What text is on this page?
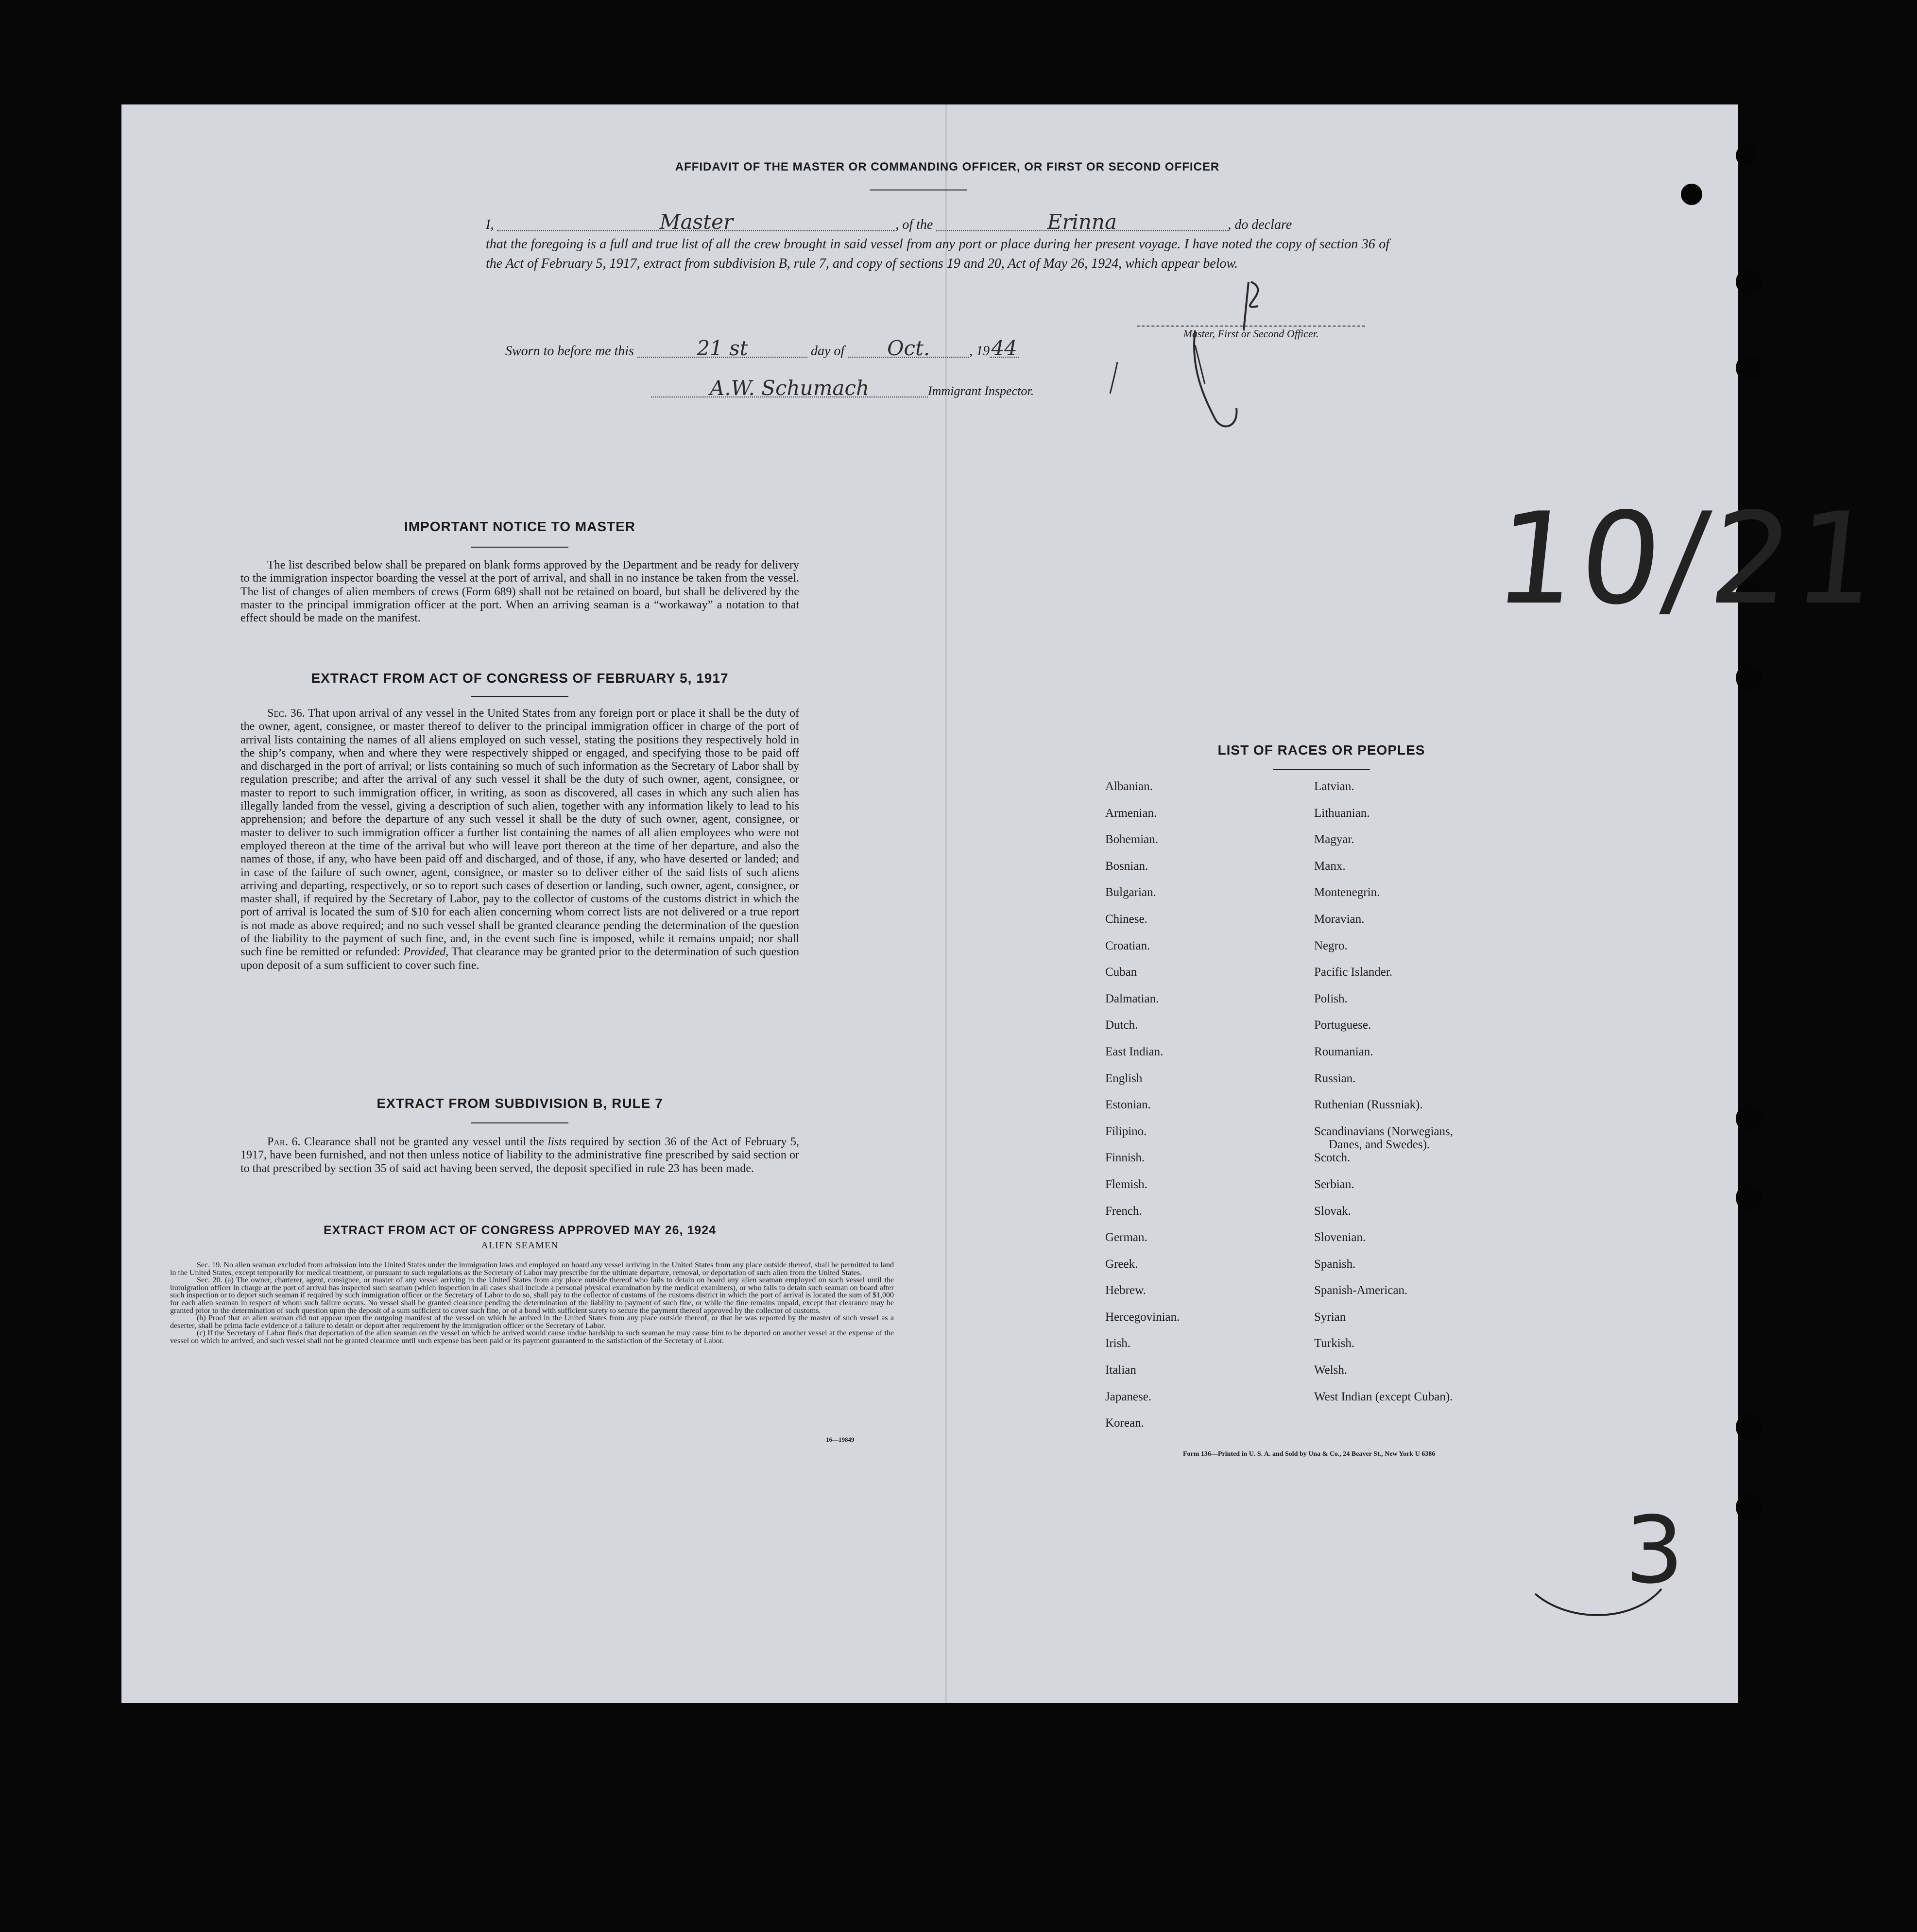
AFFIDAVIT OF THE MASTER OR COMMANDING OFFICER, OR FIRST OR SECOND OFFICER
I,	Master	, of the	Erinna	, do declare
that the foregoing is a full and true list of all the crew brought in said vessel from any port or place during her present voyage. I have noted the copy of section 36 of the Act of February 5, 1917, extract from subdivision B, rule 7, and copy of sections 19 and 20, Act of May 26, 1924, which appear below.
Master, First or Second Officer.
Sworn to before me this	21 st	day of Oct.	, 1944
A.W. Schumach	Immigrant Inspector.
IMPORTANT NOTICE TO MASTER
The list described below shall be prepared on blank forms approved by the Department and be ready for delivery to the immigration inspector boarding the vessel at the port of arrival, and shall in no instance be taken from the vessel. The list of changes of alien members of crews (Form 689) shall not be retained on board, but shall be delivered by the master to the principal immigration officer at the port. When an arriving seaman is a “workaway” a notation to that effect should be made on the manifest.
EXTRACT FROM ACT OF CONGRESS OF FEBRUARY 5, 1917
Sec. 36. That upon arrival of any vessel in the United States from any foreign port or place it shall be the duty of the owner, agent, consignee, or master thereof to deliver to the principal immigration officer in charge of the port of arrival lists containing the names of all aliens employed on such vessel, stating the positions they respectively hold in the ship’s company, when and where they were respectively shipped or engaged, and specifying those to be paid off and discharged in the port of arrival; or lists containing so much of such information as the Secretary of Labor shall by regulation prescribe; and after the arrival of any such vessel it shall be the duty of such owner, agent, consignee, or master to report to such immigration officer, in writing, as soon as discovered, all cases in which any such alien has illegally landed from the vessel, giving a description of such alien, together with any information likely to lead to his apprehension; and before the departure of any such vessel it shall be the duty of such owner, agent, consignee, or master to deliver to such immigration officer a further list containing the names of all alien employees who were not employed thereon at the time of the arrival but who will leave port thereon at the time of her departure, and also the names of those, if any, who have been paid off and discharged, and of those, if any, who have deserted or landed; and in case of the failure of such owner, agent, consignee, or master so to deliver either of the said lists of such aliens arriving and departing, respectively, or so to report such cases of desertion or landing, such owner, agent, consignee, or master shall, if required by the Secretary of Labor, pay to the collector of customs of the customs district in which the port of arrival is located the sum of $10 for each alien concerning whom correct lists are not delivered or a true report is not made as above required; and no such vessel shall be granted clearance pending the determination of the question of the liability to the payment of such fine, and, in the event such fine is imposed, while it remains unpaid; nor shall such fine be remitted or refunded: Provided, That clearance may be granted prior to the determination of such question upon deposit of a sum sufficient to cover such fine.
EXTRACT FROM SUBDIVISION B, RULE 7
Par. 6. Clearance shall not be granted any vessel until the lists required by section 36 of the Act of February 5, 1917, have been furnished, and not then unless notice of liability to the administrative fine prescribed by said section or to that prescribed by section 35 of said act having been served, the deposit specified in rule 23 has been made.
EXTRACT FROM ACT OF CONGRESS APPROVED MAY 26, 1924
ALIEN SEAMEN
Sec. 19. No alien seaman excluded from admission into the United States under the immigration laws and employed on board any vessel arriving in the United States from any place outside thereof, shall be permitted to land in the United States, except temporarily for medical treatment, or pursuant to such regulations as the Secretary of Labor may prescribe for the ultimate departure, removal, or deportation of such alien from the United States.
Sec. 20. (a) The owner, charterer, agent, consignee, or master of any vessel arriving in the United States from any place outside thereof who fails to detain on board any alien seaman employed on such vessel until the immigration officer in charge at the port of arrival has inspected such seaman (which inspection in all cases shall include a personal physical examination by the medical examiners), or who fails to detain such seaman on board after such inspection or to deport such seaman if required by such immigration officer or the Secretary of Labor to do so, shall pay to the collector of customs of the customs district in which the port of arrival is located the sum of $1,000 for each alien seaman in respect of whom such failure occurs. No vessel shall be granted clearance pending the determination of the liability to payment of such fine, or while the fine remains unpaid, except that clearance may be granted prior to the determination of such question upon the deposit of a sum sufficient to cover such fine, or of a bond with sufficient surety to secure the payment thereof approved by the collector of customs.
(b) Proof that an alien seaman did not appear upon the outgoing manifest of the vessel on which he arrived in the United States from any place outside thereof, or that he was reported by the master of such vessel as a deserter, shall be prima facie evidence of a failure to detain or deport after requirement by the immigration officer or the Secretary of Labor.
(c) If the Secretary of Labor finds that deportation of the alien seaman on the vessel on which he arrived would cause undue hardship to such seaman he may cause him to be deported on another vessel at the expense of the vessel on which he arrived, and such vessel shall not be granted clearance until such expense has been paid or its payment guaranteed to the satisfaction of the Secretary of Labor.
16—19849
LIST OF RACES OR PEOPLES
Albanian.
Armenian.
Bohemian.
Bosnian.
Bulgarian.
Chinese.
Croatian.
Cuban
Dalmatian.
Dutch.
East Indian.
English
Estonian.
Filipino.
Finnish.
Flemish.
French.
German.
Greek.
Hebrew.
Hercegovinian.
Irish.
Italian
Japanese.
Korean.
Latvian.
Lithuanian.
Magyar.
Manx.
Montenegrin.
Moravian.
Negro.
Pacific Islander.
Polish.
Portuguese.
Roumanian.
Russian.
Ruthenian (Russniak).
Scandinavians (Norwegians,
Danes, and Swedes).
Scotch.
Serbian.
Slovak.
Slovenian.
Spanish.
Spanish-American.
Syrian
Turkish.
Welsh.
West Indian (except Cuban).
Form 136—Printed in U. S. A. and Sold by Una & Co., 24 Beaver St., New York U 6386
10/21
3
